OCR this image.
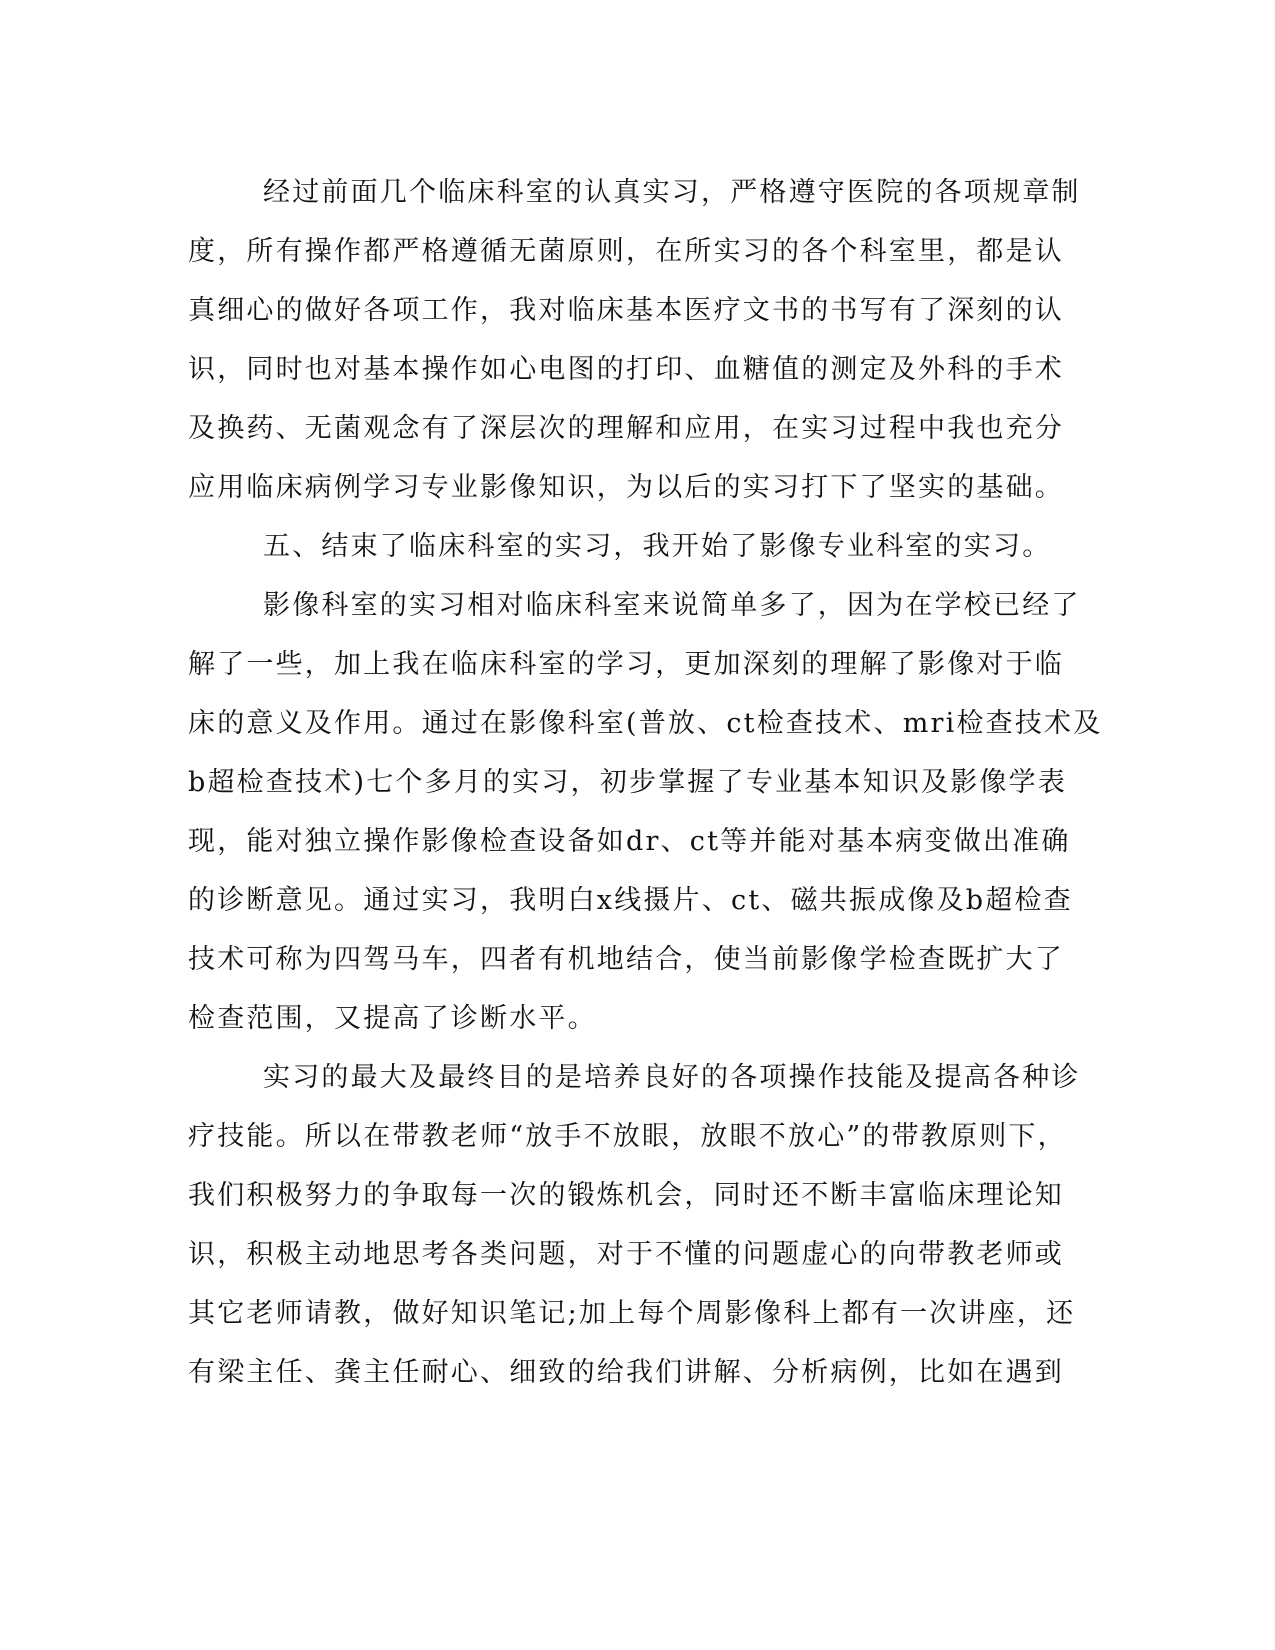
经过前面几个临床科室的认真实习，严格遵守医院的各项规章制
度，所有操作都严格遵循无菌原则，在所实习的各个科室里，都是认
真细心的做好各项工作，我对临床基本医疗文书的书写有了深刻的认
识，同时也对基本操作如心电图的打印、血糖值的测定及外科的手术
及换药、无菌观念有了深层次的理解和应用，在实习过程中我也充分
应用临床病例学习专业影像知识，为以后的实习打下了坚实的基础。
五、结束了临床科室的实习，我开始了影像专业科室的实习。
影像科室的实习相对临床科室来说简单多了，因为在学校已经了
解了一些，加上我在临床科室的学习，更加深刻的理解了影像对于临
床的意义及作用。通过在影像科室(普放、ct检查技术、mri检查技术及
b超检查技术)七个多月的实习，初步掌握了专业基本知识及影像学表
现，能对独立操作影像检查设备如dr、ct等并能对基本病变做出准确
的诊断意见。通过实习，我明白x线摄片、ct、磁共振成像及b超检查
技术可称为四驾马车，四者有机地结合，使当前影像学检查既扩大了
检查范围，又提高了诊断水平。
实习的最大及最终目的是培养良好的各项操作技能及提高各种诊
疗技能。所以在带教老师“放手不放眼，放眼不放心”的带教原则下，
我们积极努力的争取每一次的锻炼机会，同时还不断丰富临床理论知
识，积极主动地思考各类问题，对于不懂的问题虚心的向带教老师或
其它老师请教，做好知识笔记;加上每个周影像科上都有一次讲座，还
有梁主任、龚主任耐心、细致的给我们讲解、分析病例，比如在遇到
